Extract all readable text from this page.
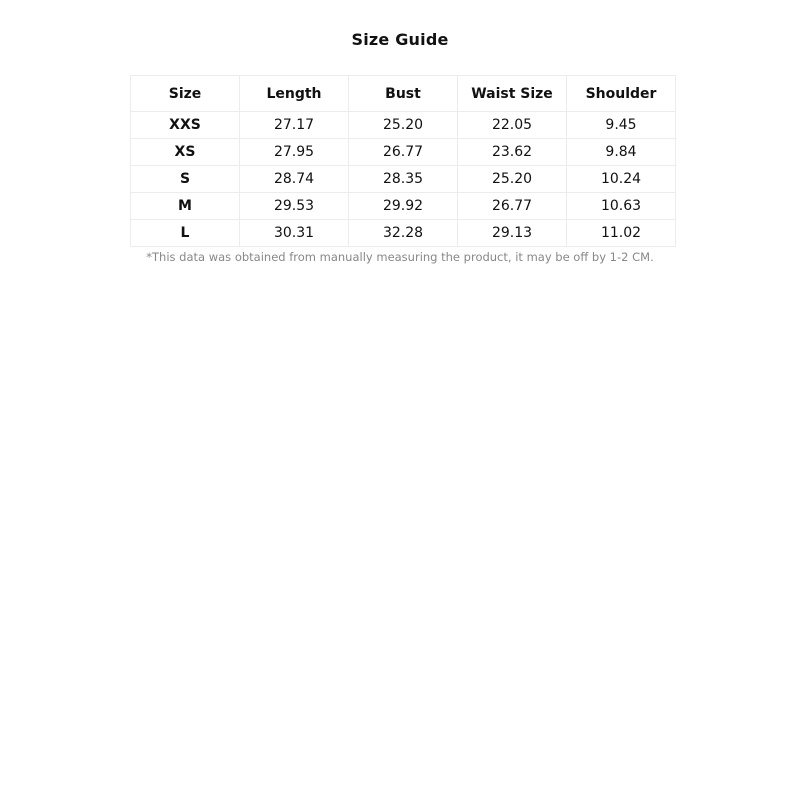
Size Guide
Size	Length	Bust	Waist Size	Shoulder
XXS	27.17	25.20	22.05	9.45
XS	27.95	26.77	23.62	9.84
S	28.74	28.35	25.20	10.24
M	29.53	29.92	26.77	10.63
L	30.31	32.28	29.13	11.02
*This data was obtained from manually measuring the product, it may be off by 1-2 CM.
